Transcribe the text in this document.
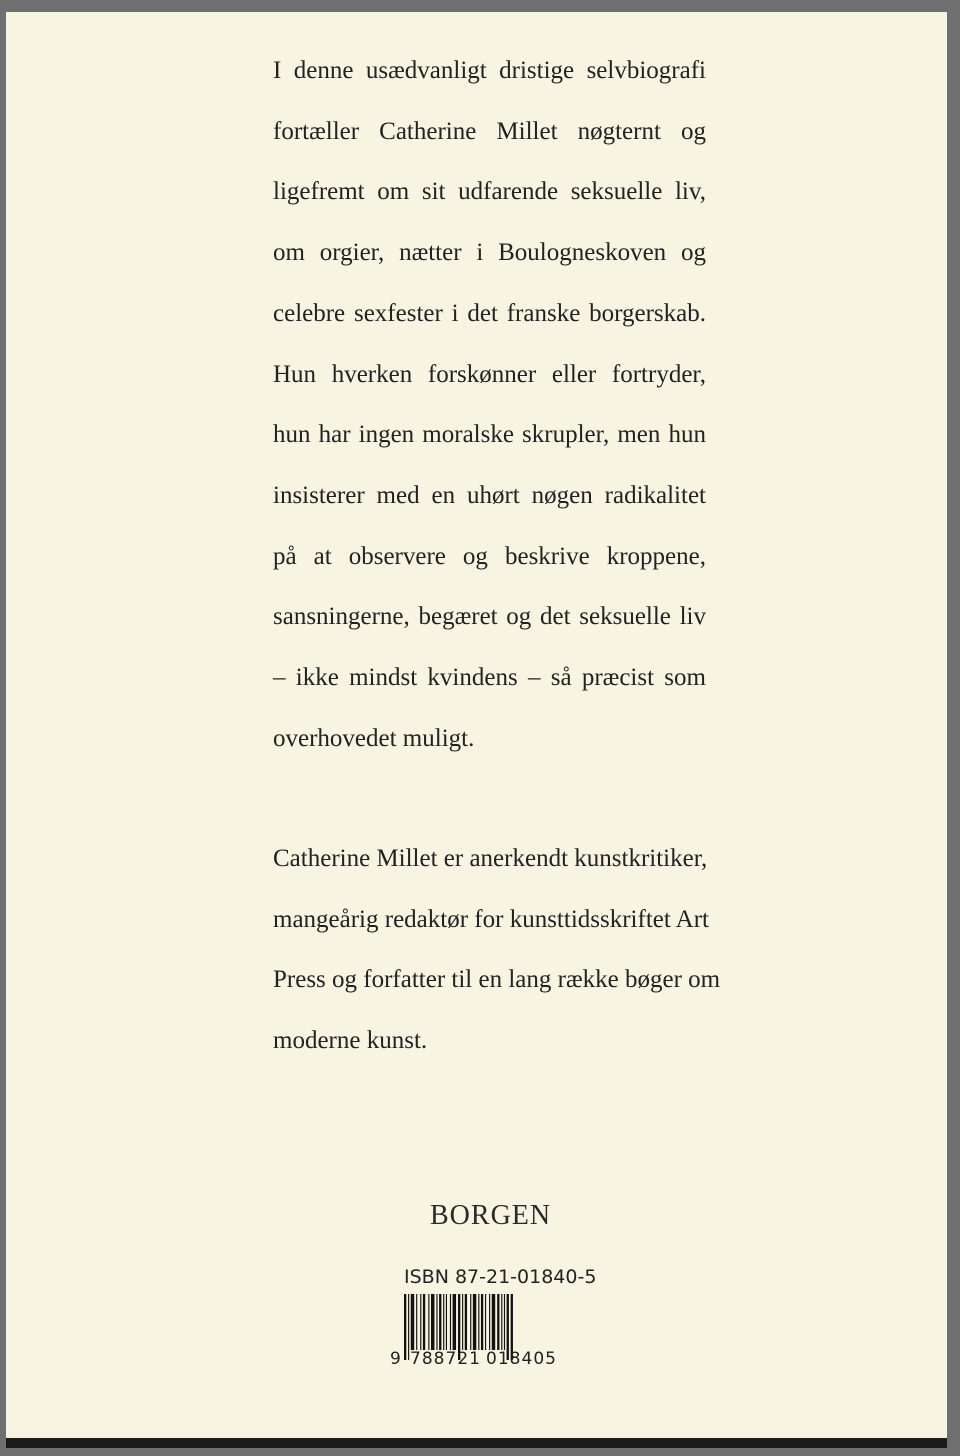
I denne usædvanligt dristige selvbiografi
fortæller Catherine Millet nøgternt og
ligefremt om sit udfarende seksuelle liv,
om orgier, nætter i Boulogneskoven og
celebre sexfester i det franske borgerskab.
Hun hverken forskønner eller fortryder,
hun har ingen moralske skrupler, men hun
insisterer med en uhørt nøgen radikalitet
på at observere og beskrive kroppene,
sansningerne, begæret og det seksuelle liv
– ikke mindst kvindens – så præcist som
overhovedet muligt.
Catherine Millet er anerkendt kunstkritiker,
mangeårig redaktør for kunsttidsskriftet Art
Press og forfatter til en lang række bøger om
moderne kunst.
BORGEN
ISBN 87-21-01840-5
9 788721 018405
